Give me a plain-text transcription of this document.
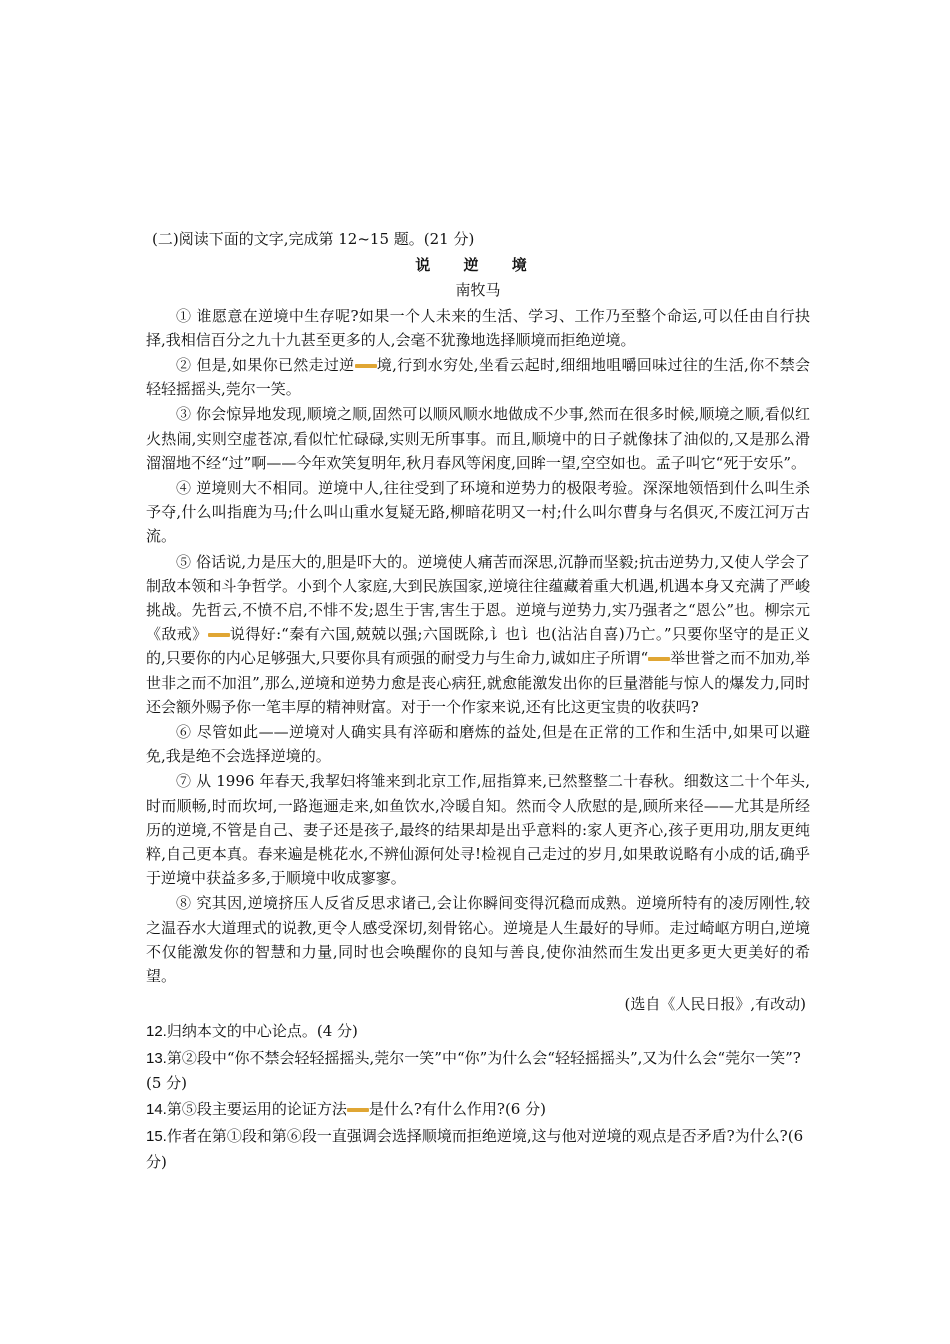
(二)阅读下面的文字,完成第 12~15 题。(21 分)
说 逆 境
南牧马

① 谁愿意在逆境中生存呢?如果一个人未来的生活、学习、工作乃至整个命运,可以任由自行抉择,我相信百分之九十九甚至更多的人,会毫不犹豫地选择顺境而拒绝逆境。

② 但是,如果你已然走过逆 境,行到水穷处,坐看云起时,细细地咀嚼回味过往的生活,你不禁会轻轻摇摇头,莞尔一笑。

③ 你会惊异地发现,顺境之顺,固然可以顺风顺水地做成不少事,然而在很多时候,顺境之顺,看似红火热闹,实则空虚苍凉,看似忙忙碌碌,实则无所事事。而且,顺境中的日子就像抹了油似的,又是那么滑溜溜地不经“过”啊——今年欢笑复明年,秋月春风等闲度,回眸一望,空空如也。孟子叫它“死于安乐”。

④ 逆境则大不相同。逆境中人,往往受到了环境和逆势力的极限考验。深深地领悟到什么叫生杀予夺,什么叫指鹿为马;什么叫山重水复疑无路,柳暗花明又一村;什么叫尔曹身与名俱灭,不废江河万古流。

⑤ 俗话说,力是压大的,胆是吓大的。逆境使人痛苦而深思,沉静而坚毅;抗击逆势力,又使人学会了制敌本领和斗争哲学。小到个人家庭,大到民族国家,逆境往往蕴藏着重大机遇,机遇本身又充满了严峻挑战。先哲云,不愤不启,不悱不发;恩生于害,害生于恩。逆境与逆势力,实乃强者之“恩公”也。柳宗元《敌戒》 说得好:“秦有六国,兢兢以强;六国既除,讠也讠也(沾沾自喜)乃亡。”只要你坚守的是正义的,只要你的内心足够强大,只要你具有顽强的耐受力与生命力,诚如庄子所谓“ 举世誉之而不加劝,举世非之而不加沮”,那么,逆境和逆势力愈是丧心病狂,就愈能激发出你的巨量潜能与惊人的爆发力,同时还会额外赐予你一笔丰厚的精神财富。对于一个作家来说,还有比这更宝贵的收获吗?

⑥ 尽管如此——逆境对人确实具有淬砺和磨炼的益处,但是在正常的工作和生活中,如果可以避免,我是绝不会选择逆境的。

⑦ 从 1996 年春天,我挈妇将雏来到北京工作,屈指算来,已然整整二十春秋。细数这二十个年头,时而顺畅,时而坎坷,一路迤逦走来,如鱼饮水,冷暖自知。然而令人欣慰的是,顾所来径——尤其是所经历的逆境,不管是自己、妻子还是孩子,最终的结果却是出乎意料的:家人更齐心,孩子更用功,朋友更纯粹,自己更本真。春来遍是桃花水,不辨仙源何处寻!检视自己走过的岁月,如果敢说略有小成的话,确乎于逆境中获益多多,于顺境中收成寥寥。

⑧ 究其因,逆境挤压人反省反思求诸己,会让你瞬间变得沉稳而成熟。逆境所特有的凌厉刚性,较之温吞水大道理式的说教,更令人感受深切,刻骨铭心。逆境是人生最好的导师。走过崎岖方明白,逆境不仅能激发你的智慧和力量,同时也会唤醒你的良知与善良,使你油然而生发出更多更大更美好的希望。

(选自《人民日报》,有改动)
12.归纳本文的中心论点。(4 分)
13.第②段中“你不禁会轻轻摇摇头,莞尔一笑”中“你”为什么会“轻轻摇摇头”,又为什么会“莞尔一笑”?(5 分)
14.第⑤段主要运用的论证方法 是什么?有什么作用?(6 分)
15.作者在第①段和第⑥段一直强调会选择顺境而拒绝逆境,这与他对逆境的观点是否矛盾?为什么?(6 分)
